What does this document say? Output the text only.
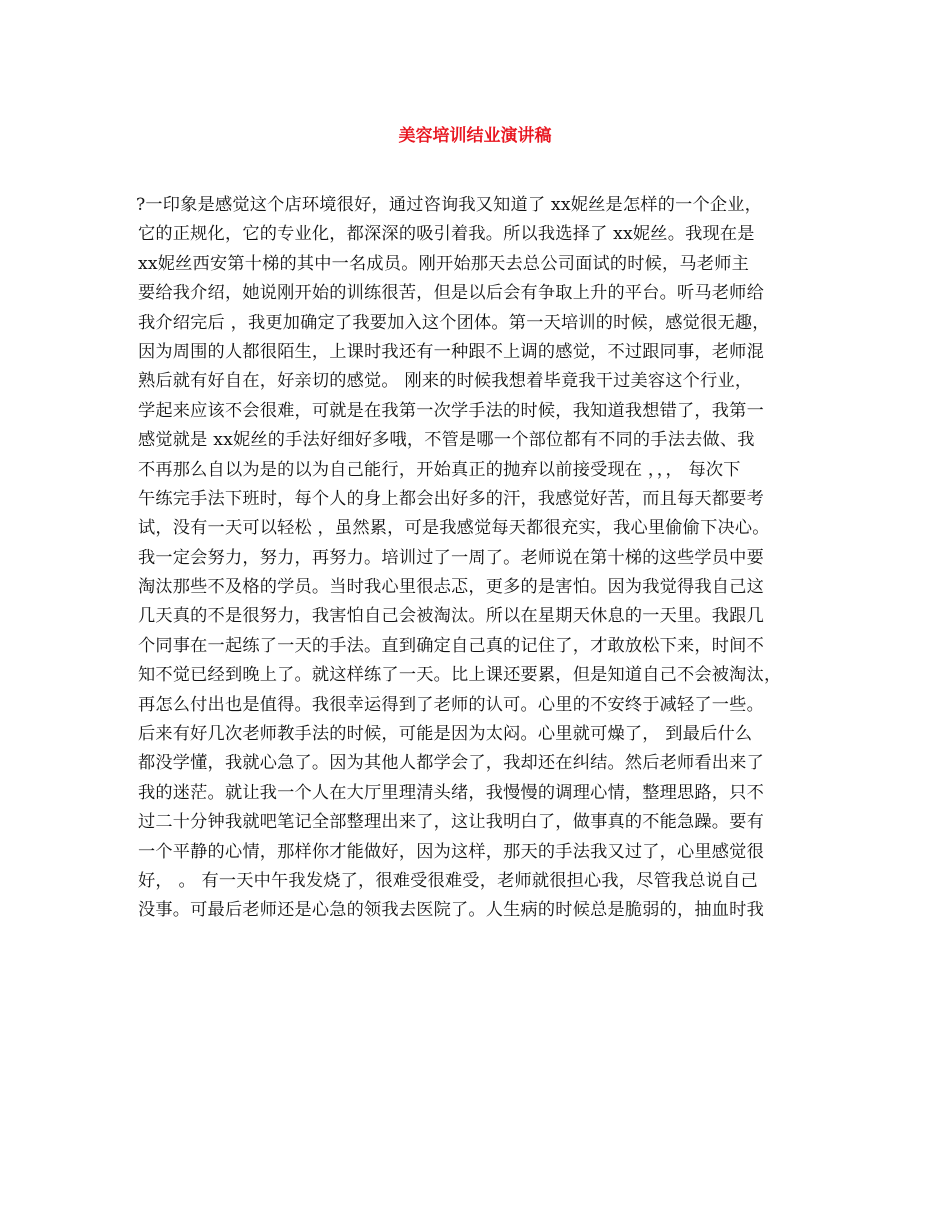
美容培训结业演讲稿
?一印象是感觉这个店环境很好，通过咨询我又知道了 xx妮丝是怎样的一个企业，
它的正规化，它的专业化，都深深的吸引着我。所以我选择了 xx妮丝。我现在是
xx妮丝西安第十梯的其中一名成员。刚开始那天去总公司面试的时候，马老师主
要给我介绍，她说刚开始的训练很苦，但是以后会有争取上升的平台。听马老师给
我介绍完后 ，我更加确定了我要加入这个团体。第一天培训的时候，感觉很无趣，
因为周围的人都很陌生，上课时我还有一种跟不上调的感觉，不过跟同事，老师混
熟后就有好自在，好亲切的感觉。 刚来的时候我想着毕竟我干过美容这个行业，
学起来应该不会很难，可就是在我第一次学手法的时候，我知道我想错了，我第一
感觉就是 xx妮丝的手法好细好多哦，不管是哪一个部位都有不同的手法去做、我
不再那么自以为是的以为自己能行，开始真正的抛弃以前接受现在 ，，， 每次下
午练完手法下班时，每个人的身上都会出好多的汗，我感觉好苦，而且每天都要考
试，没有一天可以轻松 ，虽然累，可是我感觉每天都很充实，我心里偷偷下决心。
我一定会努力，努力，再努力。培训过了一周了。老师说在第十梯的这些学员中要
淘汰那些不及格的学员。当时我心里很忐忑，更多的是害怕。因为我觉得我自己这
几天真的不是很努力，我害怕自己会被淘汰。所以在星期天休息的一天里。我跟几
个同事在一起练了一天的手法。直到确定自己真的记住了，才敢放松下来，时间不
知不觉已经到晚上了。就这样练了一天。比上课还要累，但是知道自己不会被淘汰，
再怎么付出也是值得。我很幸运得到了老师的认可。心里的不安终于减轻了一些。
后来有好几次老师教手法的时候，可能是因为太闷。心里就可燥了， 到最后什么
都没学懂，我就心急了。因为其他人都学会了，我却还在纠结。然后老师看出来了
我的迷茫。就让我一个人在大厅里理清头绪，我慢慢的调理心情，整理思路，只不
过二十分钟我就吧笔记全部整理出来了，这让我明白了，做事真的不能急躁。要有
一个平静的心情，那样你才能做好，因为这样，那天的手法我又过了，心里感觉很
好， 。 有一天中午我发烧了，很难受很难受，老师就很担心我，尽管我总说自己
没事。可最后老师还是心急的领我去医院了。人生病的时候总是脆弱的，抽血时我
